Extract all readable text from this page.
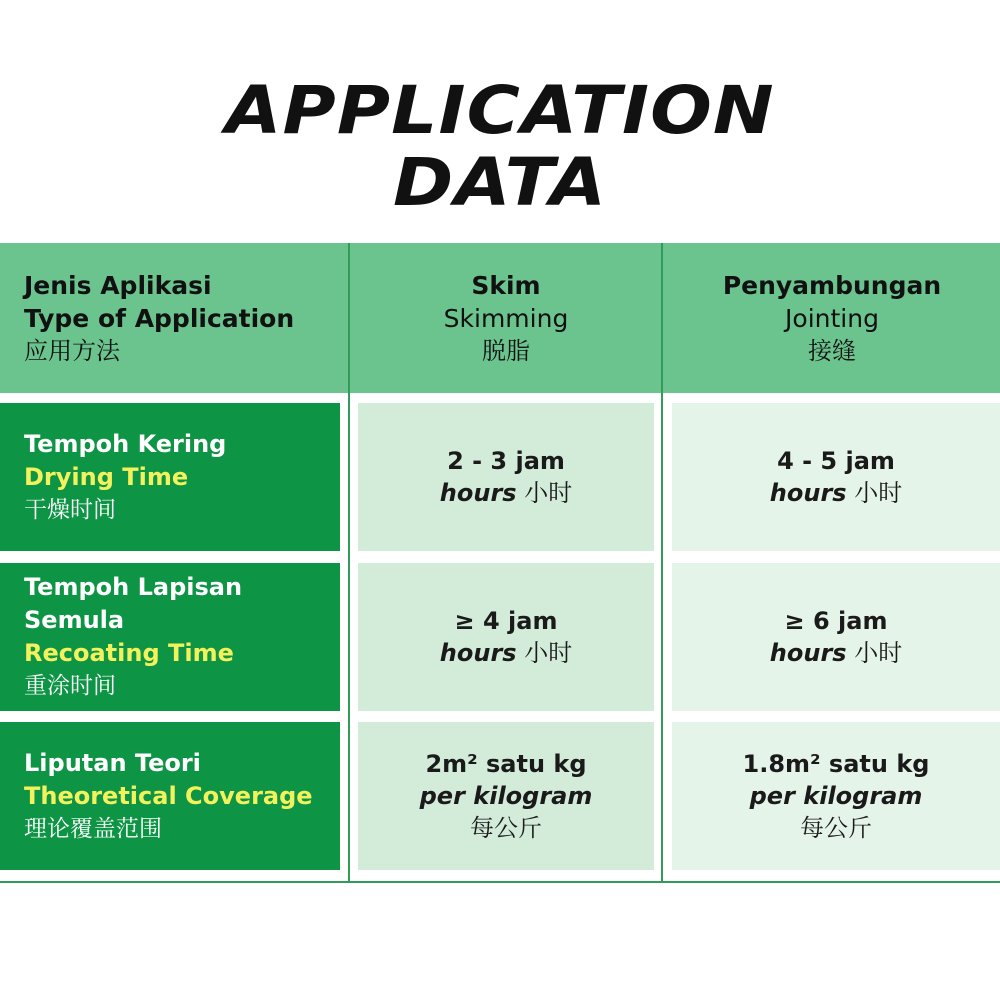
APPLICATION
DATA
Jenis Aplikasi
Type of Application
应用方法
Skim
Skimming
脱脂
Penyambungan
Jointing
接缝
Tempoh Kering
Drying Time
干燥时间
2 - 3 jam
hours 小时
4 - 5 jam
hours 小时
Tempoh Lapisan Semula
Recoating Time
重涂时间
≥ 4 jam
hours 小时
≥ 6 jam
hours 小时
Liputan Teori
Theoretical Coverage
理论覆盖范围
2m² satu kg
per kilogram
每公斤
1.8m² satu kg
per kilogram
每公斤
